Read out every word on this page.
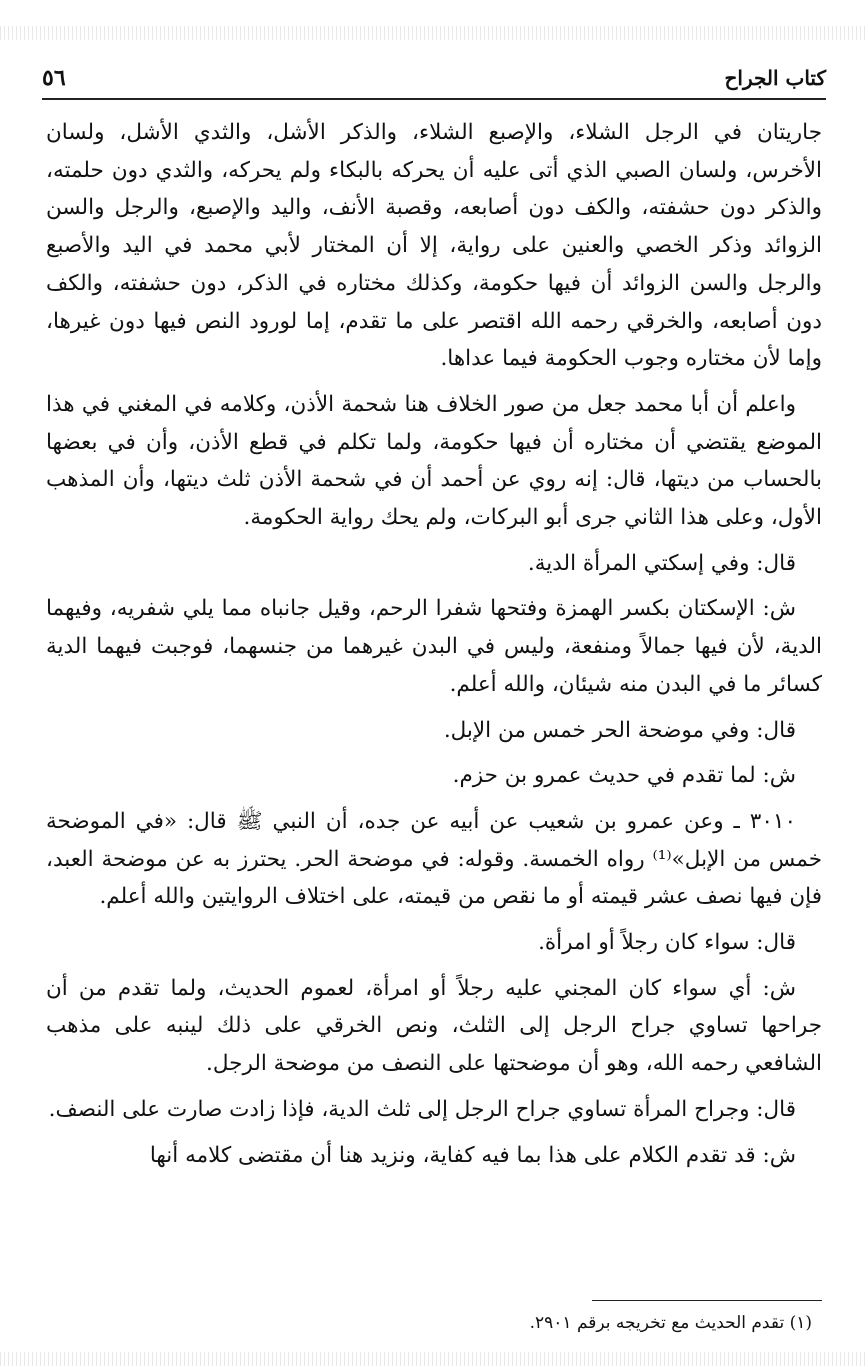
٥٦	كتاب الجراح

جاريتان في الرجل الشلاء، والإصبع الشلاء، والذكر الأشل، والثدي الأشل، ولسان الأخرس، ولسان الصبي الذي أتى عليه أن يحركه بالبكاء ولم يحركه، والثدي دون حلمته، والذكر دون حشفته، والكف دون أصابعه، وقصبة الأنف، واليد والإصبع، والرجل والسن الزوائد وذكر الخصي والعنين على رواية، إلا أن المختار لأبي محمد في اليد والأصبع والرجل والسن الزوائد أن فيها حكومة، وكذلك مختاره في الذكر، دون حشفته، والكف دون أصابعه، والخرقي رحمه الله اقتصر على ما تقدم، إما لورود النص فيها دون غيرها، وإما لأن مختاره وجوب الحكومة فيما عداها.

واعلم أن أبا محمد جعل من صور الخلاف هنا شحمة الأذن، وكلامه في المغني في هذا الموضع يقتضي أن مختاره أن فيها حكومة، ولما تكلم في قطع الأذن، وأن في بعضها بالحساب من ديتها، قال: إنه روي عن أحمد أن في شحمة الأذن ثلث ديتها، وأن المذهب الأول، وعلى هذا الثاني جرى أبو البركات، ولم يحك رواية الحكومة.

قال: وفي إسكتي المرأة الدية.

ش: الإسكتان بكسر الهمزة وفتحها شفرا الرحم، وقيل جانباه مما يلي شفريه، وفيهما الدية، لأن فيها جمالاً ومنفعة، وليس في البدن غيرهما من جنسهما، فوجبت فيهما الدية كسائر ما في البدن منه شيئان، والله أعلم.

قال: وفي موضحة الحر خمس من الإبل.

ش: لما تقدم في حديث عمرو بن حزم.

٣٠١٠ ـ وعن عمرو بن شعيب عن أبيه عن جده، أن النبي ﷺ قال: «في الموضحة خمس من الإبل»⁽¹⁾ رواه الخمسة. وقوله: في موضحة الحر. يحترز به عن موضحة العبد، فإن فيها نصف عشر قيمته أو ما نقص من قيمته، على اختلاف الروايتين والله أعلم.

قال: سواء كان رجلاً أو امرأة.

ش: أي سواء كان المجني عليه رجلاً أو امرأة، لعموم الحديث، ولما تقدم من أن جراحها تساوي جراح الرجل إلى الثلث، ونص الخرقي على ذلك لينبه على مذهب الشافعي رحمه الله، وهو أن موضحتها على النصف من موضحة الرجل.

قال: وجراح المرأة تساوي جراح الرجل إلى ثلث الدية، فإذا زادت صارت على النصف.

ش: قد تقدم الكلام على هذا بما فيه كفاية، ونزيد هنا أن مقتضى كلامه أنها

(١) تقدم الحديث مع تخريجه برقم ٢٩٠١.
